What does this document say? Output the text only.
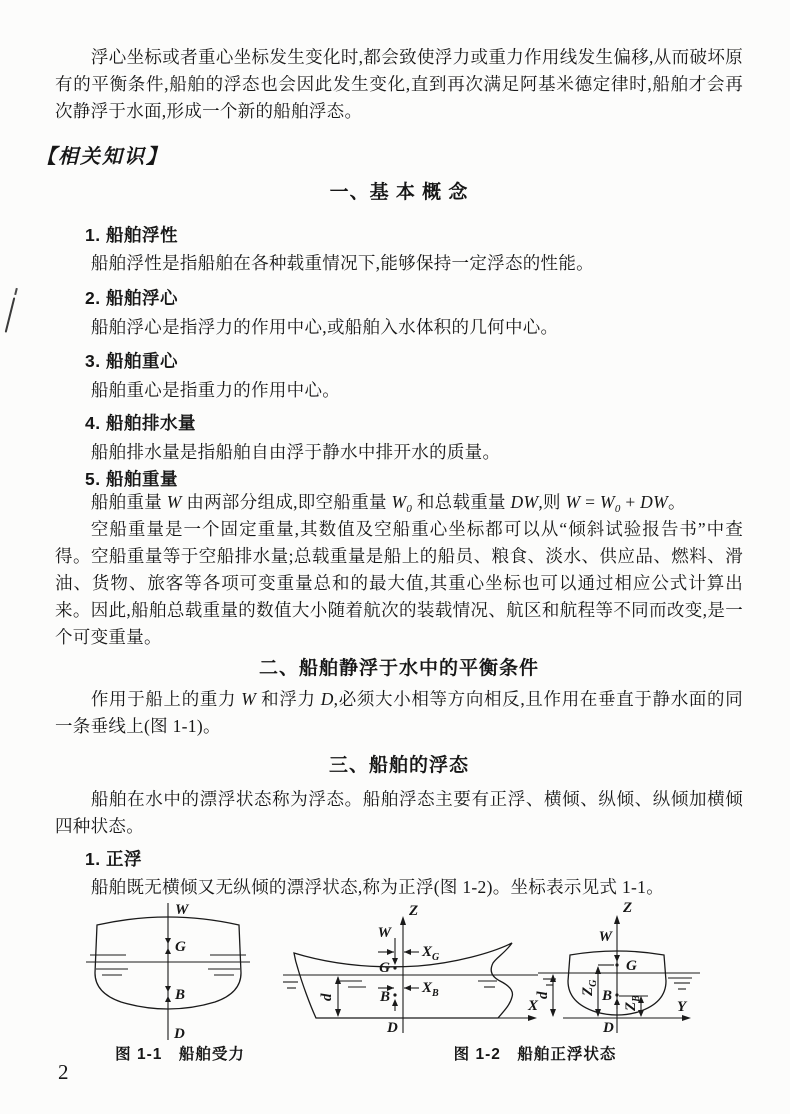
浮心坐标或者重心坐标发生变化时,都会致使浮力或重力作用线发生偏移,从而破坏原有的平衡条件,船舶的浮态也会因此发生变化,直到再次满足阿基米德定律时,船舶才会再次静浮于水面,形成一个新的船舶浮态。

【相关知识】
一、基 本 概 念
1. 船舶浮性

船舶浮性是指船舶在各种载重情况下,能够保持一定浮态的性能。

2. 船舶浮心

船舶浮心是指浮力的作用中心,或船舶入水体积的几何中心。

3. 船舶重心

船舶重心是指重力的作用中心。

4. 船舶排水量

船舶排水量是指船舶自由浮于静水中排开水的质量。

5. 船舶重量

船舶重量 W 由两部分组成,即空船重量 $W_0$ 和总载重量 DW,则 $W = W_0$ + DW。

空船重量是一个固定重量,其数值及空船重心坐标都可以从“倾斜试验报告书”中查得。空船重量等于空船排水量;总载重量是船上的船员、粮食、淡水、供应品、燃料、滑油、货物、旅客等各项可变重量总和的最大值,其重心坐标也可以通过相应公式计算出来。因此,船舶总载重量的数值大小随着航次的装载情况、航区和航程等不同而改变,是一个可变重量。

二、船舶静浮于水中的平衡条件

作用于船上的重力 W 和浮力 D,必须大小相等方向相反,且作用在垂直于静水面的同一条垂线上(图 1-1)。

三、船舶的浮态

船舶在水中的漂浮状态称为浮态。船舶浮态主要有正浮、横倾、纵倾、纵倾加横倾四种状态。

1. 正浮

船舶既无横倾又无纵倾的漂浮状态,称为正浮(图 1-2)。坐标表示见式 1-1。

W
G
B
D
Z
W
G
B
D
X
$X_G$
$X_B$
d
Z
W
G
B
D
Y
$Z_G$
$Z_B$
d
图 1-1　船舶受力	图 1-2　船舶正浮状态
2
